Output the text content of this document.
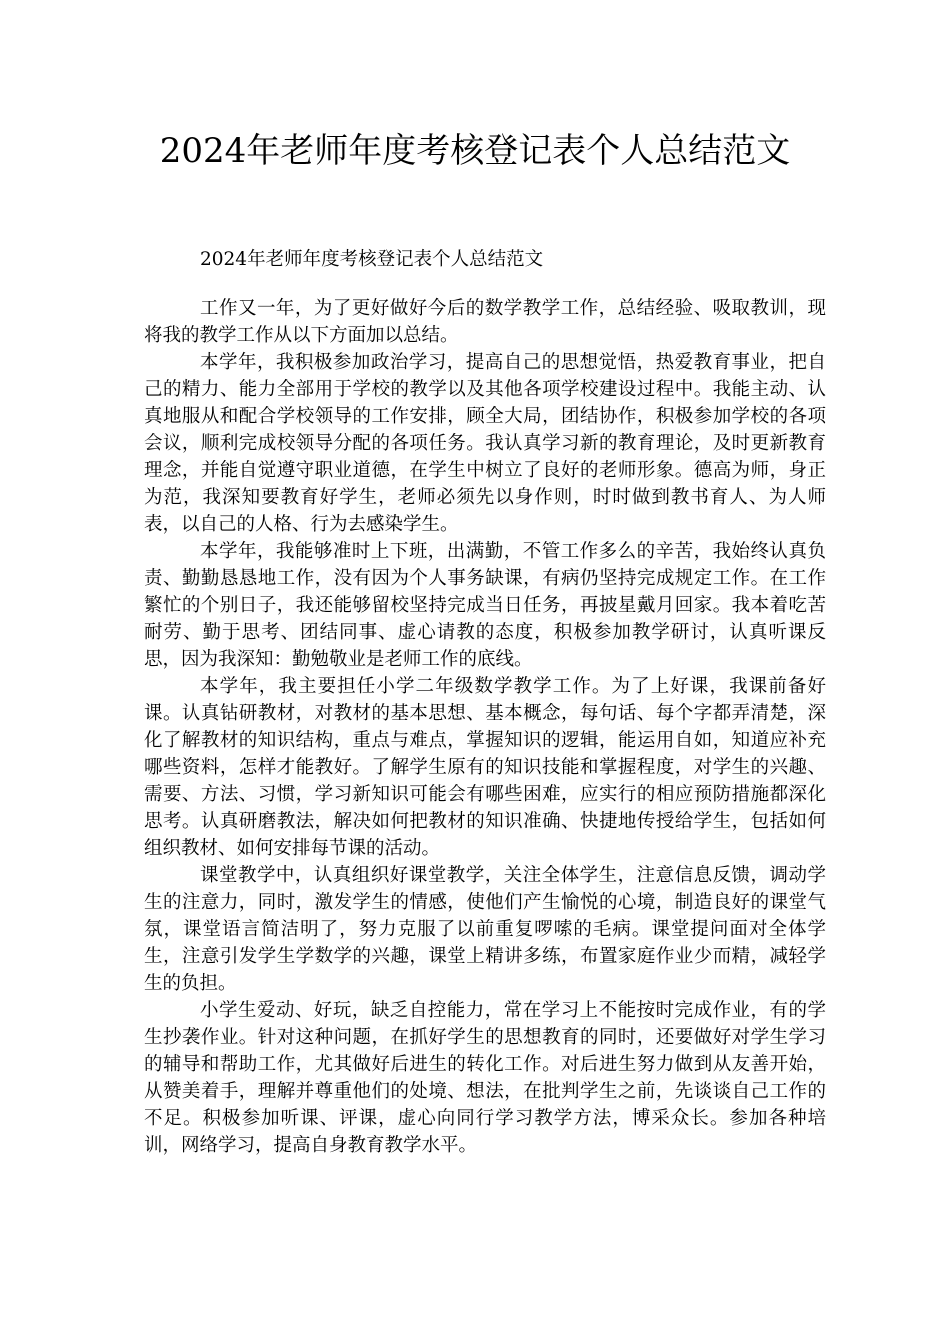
2024年老师年度考核登记表个人总结范文

2024年老师年度考核登记表个人总结范文

工作又一年，为了更好做好今后的数学教学工作，总结经验、吸取教训，现将我的教学工作从以下方面加以总结。

本学年，我积极参加政治学习，提高自己的思想觉悟，热爱教育事业，把自己的精力、能力全部用于学校的教学以及其他各项学校建设过程中。我能主动、认真地服从和配合学校领导的工作安排，顾全大局，团结协作，积极参加学校的各项会议，顺利完成校领导分配的各项任务。我认真学习新的教育理论，及时更新教育理念，并能自觉遵守职业道德，在学生中树立了良好的老师形象。德高为师，身正为范，我深知要教育好学生，老师必须先以身作则，时时做到教书育人、为人师表，以自己的人格、行为去感染学生。

本学年，我能够准时上下班，出满勤，不管工作多么的辛苦，我始终认真负责、勤勤恳恳地工作，没有因为个人事务缺课，有病仍坚持完成规定工作。在工作繁忙的个别日子，我还能够留校坚持完成当日任务，再披星戴月回家。我本着吃苦耐劳、勤于思考、团结同事、虚心请教的态度，积极参加教学研讨，认真听课反思，因为我深知：勤勉敬业是老师工作的底线。

本学年，我主要担任小学二年级数学教学工作。为了上好课，我课前备好课。认真钻研教材，对教材的基本思想、基本概念，每句话、每个字都弄清楚，深化了解教材的知识结构，重点与难点，掌握知识的逻辑，能运用自如，知道应补充哪些资料，怎样才能教好。了解学生原有的知识技能和掌握程度，对学生的兴趣、需要、方法、习惯，学习新知识可能会有哪些困难，应实行的相应预防措施都深化思考。认真研磨教法，解决如何把教材的知识准确、快捷地传授给学生，包括如何组织教材、如何安排每节课的活动。

课堂教学中，认真组织好课堂教学，关注全体学生，注意信息反馈，调动学生的注意力，同时，激发学生的情感，使他们产生愉悦的心境，制造良好的课堂气氛，课堂语言简洁明了，努力克服了以前重复啰嗦的毛病。课堂提问面对全体学生，注意引发学生学数学的兴趣，课堂上精讲多练，布置家庭作业少而精，减轻学生的负担。

小学生爱动、好玩，缺乏自控能力，常在学习上不能按时完成作业，有的学生抄袭作业。针对这种问题，在抓好学生的思想教育的同时，还要做好对学生学习的辅导和帮助工作，尤其做好后进生的转化工作。对后进生努力做到从友善开始，从赞美着手，理解并尊重他们的处境、想法，在批判学生之前，先谈谈自己工作的不足。积极参加听课、评课，虚心向同行学习教学方法，博采众长。参加各种培训，网络学习，提高自身教育教学水平。
